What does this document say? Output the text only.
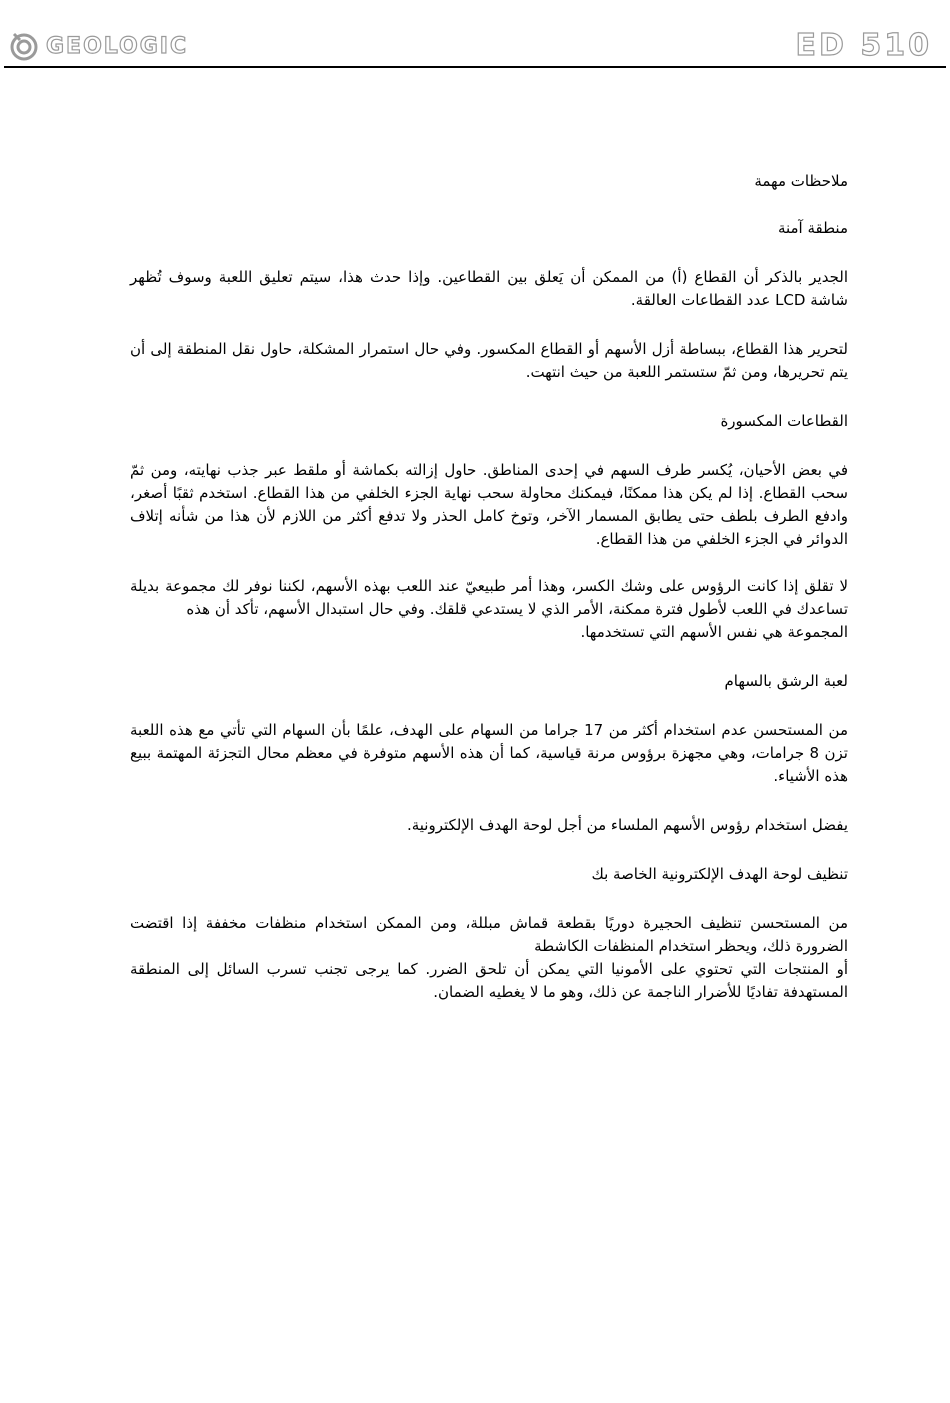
GEOLOGIC	ED 510

ملاحظات مهمة

منطقة آمنة

الجدير بالذكر أن القطاع (أ) من الممكن أن يَعلق بين القطاعين. وإذا حدث هذا، سيتم تعليق اللعبة وسوف تُظهر شاشة LCD عدد القطاعات العالقة.

لتحرير هذا القطاع، ببساطة أزل الأسهم أو القطاع المكسور. وفي حال استمرار المشكلة، حاول نقل المنطقة إلى أن يتم تحريرها، ومن ثمّ ستستمر اللعبة من حيث انتهت.

القطاعات المكسورة

في بعض الأحيان، يُكسر طرف السهم في إحدى المناطق. حاول إزالته بكماشة أو ملقط عبر جذب نهايته، ومن ثمّ سحب القطاع. إذا لم يكن هذا ممكنًا، فيمكنك محاولة سحب نهاية الجزء الخلفي من هذا القطاع. استخدم ثقبًا أصغر، وادفع الطرف بلطف حتى يطابق المسمار الآخر، وتوخ كامل الحذر ولا تدفع أكثر من اللازم لأن هذا من شأنه إتلاف الدوائر في الجزء الخلفي من هذا القطاع.

لا تقلق إذا كانت الرؤوس على وشك الكسر، وهذا أمر طبيعيّ عند اللعب بهذه الأسهم، لكننا نوفر لك مجموعة بديلة تساعدك في اللعب لأطول فترة ممكنة، الأمر الذي لا يستدعي قلقك. وفي حال استبدال الأسهم، تأكد أن هذه

المجموعة هي نفس الأسهم التي تستخدمها.

لعبة الرشق بالسهام

من المستحسن عدم استخدام أكثر من 17 جراما من السهام على الهدف، علمًا بأن السهام التي تأتي مع هذه اللعبة تزن 8 جرامات، وهي مجهزة برؤوس مرنة قياسية، كما أن هذه الأسهم متوفرة في معظم محال التجزئة المهتمة ببيع هذه الأشياء.

يفضل استخدام رؤوس الأسهم الملساء من أجل لوحة الهدف الإلكترونية.

تنظيف لوحة الهدف الإلكترونية الخاصة بك

من المستحسن تنظيف الحجيرة دوريًا بقطعة قماش مبللة، ومن الممكن استخدام منظفات مخففة إذا اقتضت الضرورة ذلك، ويحظر استخدام المنظفات الكاشطة

أو المنتجات التي تحتوي على الأمونيا التي يمكن أن تلحق الضرر. كما يرجى تجنب تسرب السائل إلى المنطقة المستهدفة تفاديًا للأضرار الناجمة عن ذلك، وهو ما لا يغطيه الضمان.
